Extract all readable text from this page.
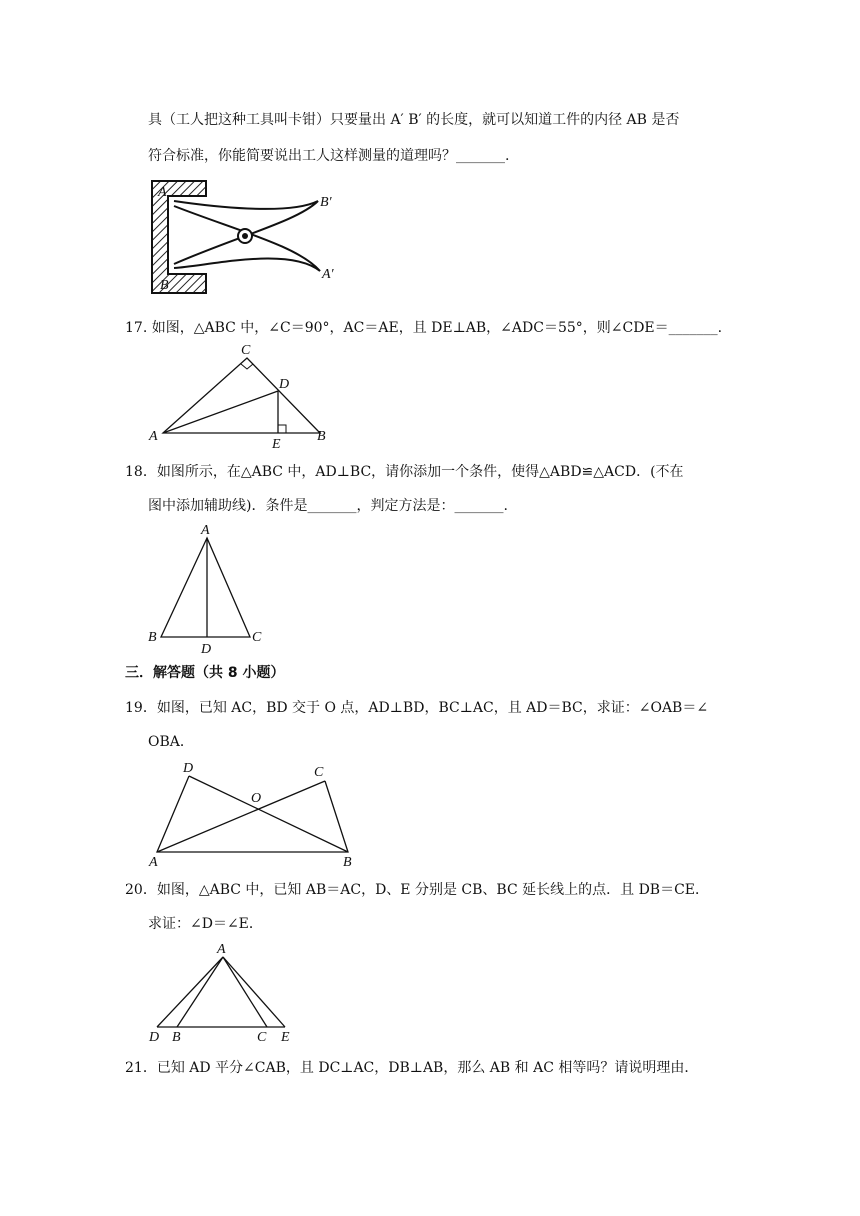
具（工人把这种工具叫卡钳）只要量出 A′ B′ 的长度，就可以知道工件的内径 AB 是否
符合标准，你能简要说出工人这样测量的道理吗？_______.
A
B
B′
A′
17. 如图，△ABC 中，∠C＝90°，AC＝AE，且 DE⊥AB，∠ADC＝55°，则∠CDE＝_______.
A
C
D
E
B
18．如图所示，在△ABC 中，AD⊥BC，请你添加一个条件，使得△ABD≌△ACD．(不在
图中添加辅助线)．条件是_______，判定方法是：_______.
A
B
D
C
三．解答题（共 8 小题）
19．如图，已知 AC，BD 交于 O 点，AD⊥BD，BC⊥AC，且 AD＝BC，求证：∠OAB＝∠
OBA．
D	C
O
A	B
20．如图，△ABC 中，已知 AB＝AC，D、E 分别是 CB、BC 延长线上的点．且 DB＝CE．
求证：∠D＝∠E．
A
D B	C E
21．已知 AD 平分∠CAB，且 DC⊥AC，DB⊥AB，那么 AB 和 AC 相等吗？请说明理由．
